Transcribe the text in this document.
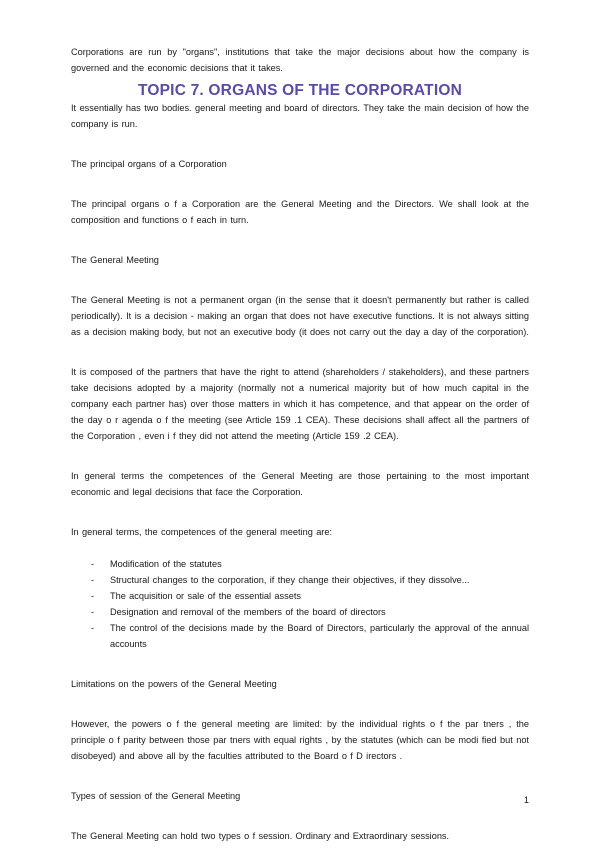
TOPIC 7. ORGANS OF THE CORPORATION

Corporations are run by "organs", institutions that take the major decisions about how the company is governed and the economic decisions that it takes.

It essentially has two bodies. general meeting and board of directors. They take the main decision of how the company is run.

The principal organs of a Corporation

The principal organs o f a Corporation are the General Meeting and the Directors. We shall look at the composition and functions o f each in turn.

The General Meeting

The General Meeting is not a permanent organ (in the sense that it doesn't permanently but rather is called periodically). It is a decision - making an organ that does not have executive functions. It is not always sitting as a decision making body, but not an executive body (it does not carry out the day a day of the corporation).

It is composed of the partners that have the right to attend (shareholders / stakeholders), and these partners take decisions adopted by a majority (normally not a numerical majority but of how much capital in the company each partner has) over those matters in which it has competence, and that appear on the order of the day o r agenda o f the meeting (see Article 159 .1 CEA). These decisions shall affect all the partners of the Corporation , even i f they did not attend the meeting (Article 159 .2 CEA).

In general terms the competences of the General Meeting are those pertaining to the most important economic and legal decisions that face the Corporation.

In general terms, the competences of the general meeting are:

- Modification of the statutes
- Structural changes to the corporation, if they change their objectives, if they dissolve...
- The acquisition or sale of the essential assets
- Designation and removal of the members of the board of directors
- The control of the decisions made by the Board of Directors, particularly the approval of the annual accounts

Limitations on the powers of the General Meeting

However, the powers o f the general meeting are limited: by the individual rights o f the par tners , the principle o f parity between those par tners with equal rights , by the statutes (which can be modi fied but not disobeyed) and above all by the faculties attributed to the Board o f D irectors .

Types of session of the General Meeting

The General Meeting can hold two types o f session. Ordinary and Extraordinary sessions.

1
